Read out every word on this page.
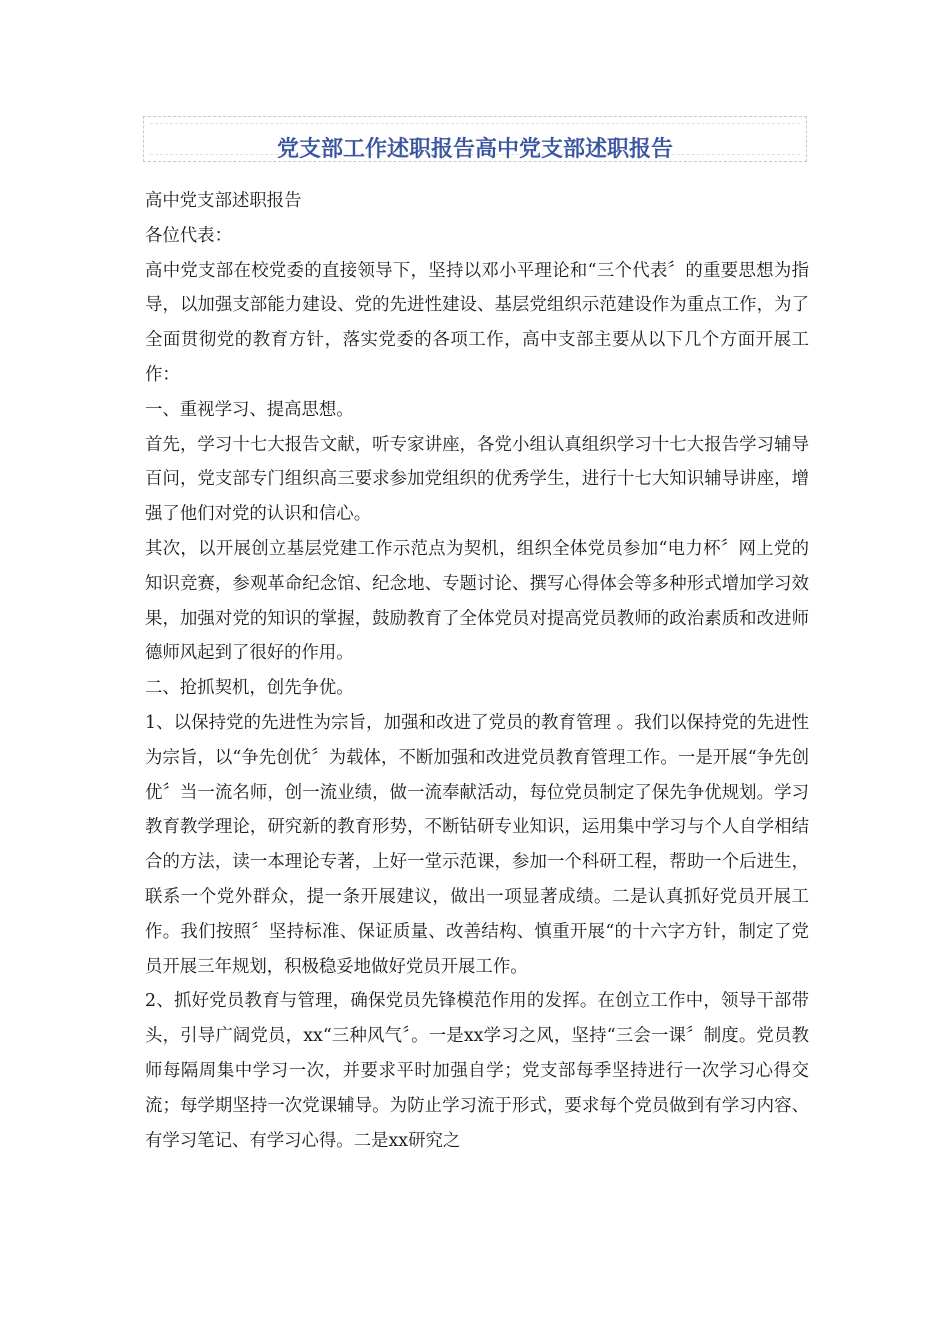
党支部工作述职报告高中党支部述职报告

高中党支部述职报告

各位代表：

高中党支部在校党委的直接领导下，坚持以邓小平理论和“三个代表〞的重要思想为指导，以加强支部能力建设、党的先进性建设、基层党组织示范建设作为重点工作，为了全面贯彻党的教育方针，落实党委的各项工作，高中支部主要从以下几个方面开展工作：

一、重视学习、提高思想。

首先，学习十七大报告文献，听专家讲座，各党小组认真组织学习十七大报告学习辅导百问，党支部专门组织高三要求参加党组织的优秀学生，进行十七大知识辅导讲座，增强了他们对党的认识和信心。

其次，以开展创立基层党建工作示范点为契机，组织全体党员参加“电力杯〞网上党的知识竞赛，参观革命纪念馆、纪念地、专题讨论、撰写心得体会等多种形式增加学习效果，加强对党的知识的掌握，鼓励教育了全体党员对提高党员教师的政治素质和改进师德师风起到了很好的作用。

二、抢抓契机，创先争优。

1、以保持党的先进性为宗旨，加强和改进了党员的教育管理 。我们以保持党的先进性为宗旨，以“争先创优〞为载体，不断加强和改进党员教育管理工作。一是开展“争先创优〞当一流名师，创一流业绩，做一流奉献活动，每位党员制定了保先争优规划。学习教育教学理论，研究新的教育形势，不断钻研专业知识，运用集中学习与个人自学相结合的方法，读一本理论专著，上好一堂示范课，参加一个科研工程，帮助一个后进生，联系一个党外群众，提一条开展建议，做出一项显著成绩。二是认真抓好党员开展工作。我们按照〞坚持标准、保证质量、改善结构、慎重开展“的十六字方针，制定了党员开展三年规划，积极稳妥地做好党员开展工作。

2、抓好党员教育与管理，确保党员先锋模范作用的发挥。在创立工作中，领导干部带头，引导广阔党员，xx“三种风气〞。一是xx学习之风，坚持“三会一课〞制度。党员教师每隔周集中学习一次，并要求平时加强自学；党支部每季坚持进行一次学习心得交流；每学期坚持一次党课辅导。为防止学习流于形式，要求每个党员做到有学习内容、有学习笔记、有学习心得。二是xx研究之
